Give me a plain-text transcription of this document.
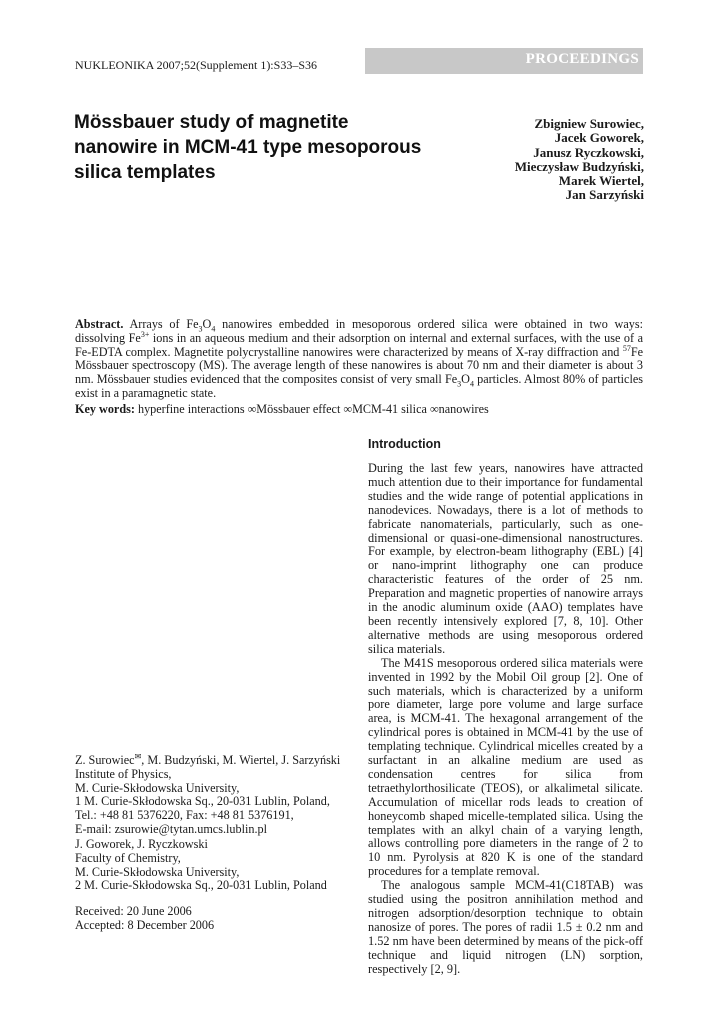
NUKLEONIKA 2007;52(Supplement 1):S33–S36	PROCEEDINGS
Mössbauer study of magnetite nanowire in MCM-41 type mesoporous silica templates
Zbigniew Surowiec,
Jacek Goworek,
Janusz Ryczkowski,
Mieczysław Budzyński,
Marek Wiertel,
Jan Sarzyński
Abstract. Arrays of $Fe_3O_4$ nanowires embedded in mesoporous ordered silica were obtained in two ways: dissolving $Fe^{3+}$ ions in an aqueous medium and their adsorption on internal and external surfaces, with the use of a Fe-EDTA complex. Magnetite polycrystalline nanowires were characterized by means of X-ray diffraction and $^{57}$Fe Mössbauer spectroscopy (MS). The average length of these nanowires is about 70 nm and their diameter is about 3 nm. Mössbauer studies evidenced that the composites consist of very small $Fe_3O_4$ particles. Almost 80% of particles exist in a paramagnetic state.
Key words: hyperfine interactions ∞Mössbauer effect ∞MCM-41 silica ∞nanowires
Introduction

During the last few years, nanowires have attracted much attention due to their importance for fundamental studies and the wide range of potential applications in nanodevices. Nowadays, there is a lot of methods to fabricate nanomaterials, particularly, such as one-dimensional or quasi-one-dimensional nanostructures. For example, by electron-beam lithography (EBL) [4] or nano-imprint lithography one can produce characteristic features of the order of 25 nm. Preparation and magnetic properties of nanowire arrays in the anodic aluminum oxide (AAO) templates have been recently intensively explored [7, 8, 10]. Other alternative methods are using mesoporous ordered silica materials.

The M41S mesoporous ordered silica materials were invented in 1992 by the Mobil Oil group [2]. One of such materials, which is characterized by a uniform pore diameter, large pore volume and large surface area, is MCM-41. The hexagonal arrangement of the cylindrical pores is obtained in MCM-41 by the use of templating technique. Cylindrical micelles created by a surfactant in an alkaline medium are used as condensation centres for silica from tetraethylorthosilicate (TEOS), or alkalimetal silicate. Accumulation of micellar rods leads to creation of honeycomb shaped micelle-templated silica. Using the templates with an alkyl chain of a varying length, allows controlling pore diameters in the range of 2 to 10 nm. Pyrolysis at 820 K is one of the standard procedures for a template removal.

The analogous sample MCM-41(C18TAB) was studied using the positron annihilation method and nitrogen adsorption/desorption technique to obtain nanosize of pores. The pores of radii 1.5 ± 0.2 nm and 1.52 nm have been determined by means of the pick-off technique and liquid nitrogen (LN) sorption, respectively [2, 9].

Z. Surowiec✉, M. Budzyński, M. Wiertel, J. Sarzyński
Institute of Physics,
M. Curie-Skłodowska University,
1 M. Curie-Skłodowska Sq., 20-031 Lublin, Poland,
Tel.: +48 81 5376220, Fax: +48 81 5376191,
E-mail: zsurowie@tytan.umcs.lublin.pl
J. Goworek, J. Ryczkowski
Faculty of Chemistry,
M. Curie-Skłodowska University,
2 M. Curie-Skłodowska Sq., 20-031 Lublin, Poland
Received: 20 June 2006
Accepted: 8 December 2006
